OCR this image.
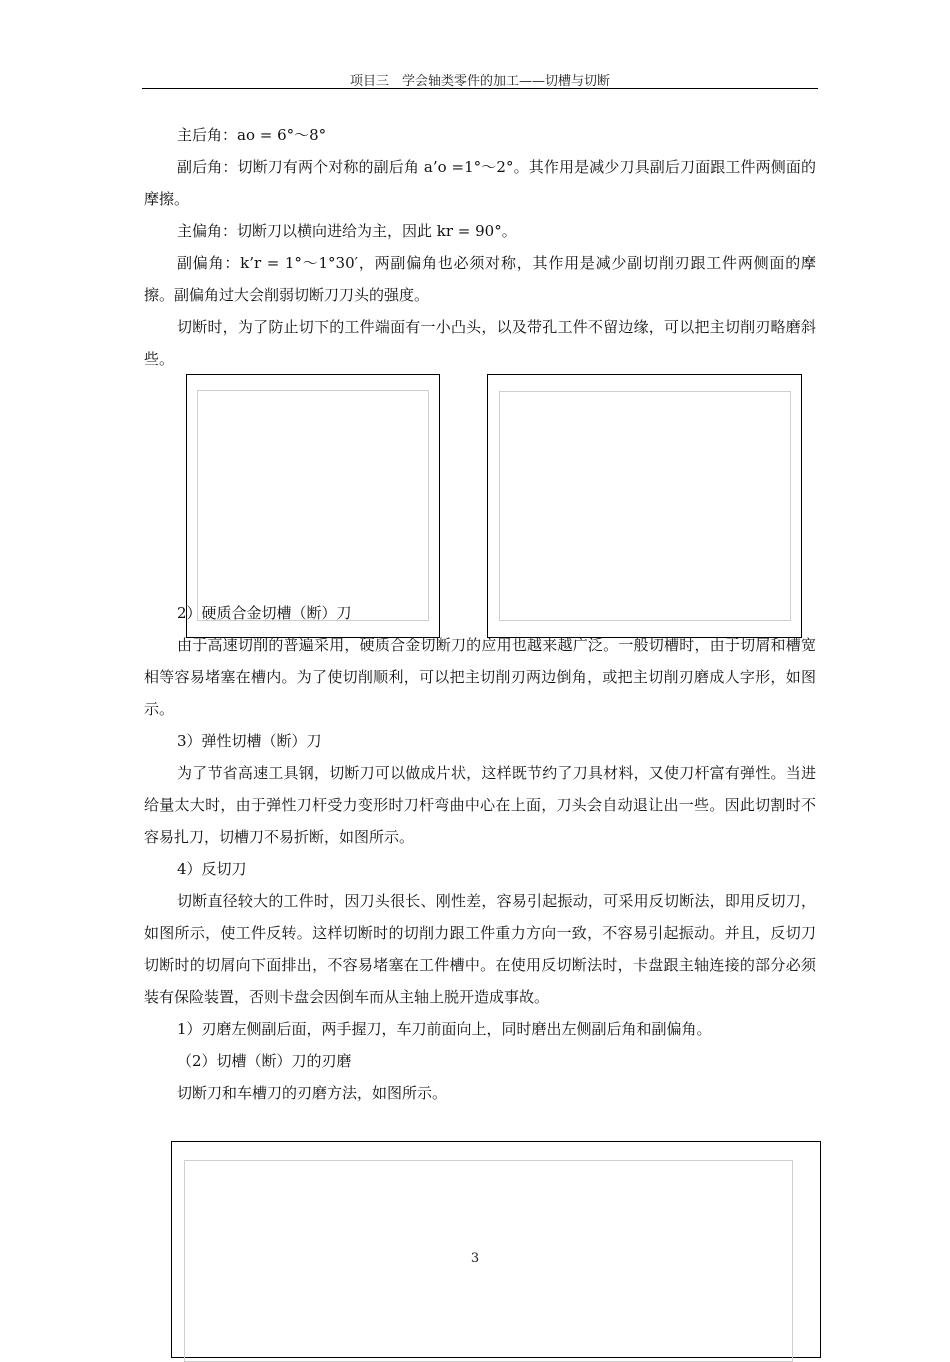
项目三　学会轴类零件的加工——切槽与切断

主后角：ao = 6°～8°

副后角：切断刀有两个对称的副后角 a’o =1°～2°。其作用是减少刀具副后刀面跟工件两侧面的摩擦。

主偏角：切断刀以横向进给为主，因此 kr = 90°。

副偏角：k’r = 1°～1°30′，两副偏角也必须对称，其作用是减少副切削刃跟工件两侧面的摩擦。副偏角过大会削弱切断刀刀头的强度。

切断时，为了防止切下的工件端面有一小凸头，以及带孔工件不留边缘，可以把主切削刃略磨斜些。

2）硬质合金切槽（断）刀

由于高速切削的普遍采用，硬质合金切断刀的应用也越来越广泛。一般切槽时，由于切屑和槽宽相等容易堵塞在槽内。为了使切削顺利，可以把主切削刃两边倒角，或把主切削刃磨成人字形，如图示。

3）弹性切槽（断）刀

为了节省高速工具钢，切断刀可以做成片状，这样既节约了刀具材料，又使刀杆富有弹性。当进给量太大时，由于弹性刀杆受力变形时刀杆弯曲中心在上面，刀头会自动退让出一些。因此切割时不容易扎刀，切槽刀不易折断，如图所示。

4）反切刀

切断直径较大的工件时，因刀头很长、刚性差，容易引起振动，可采用反切断法，即用反切刀，如图所示，使工件反转。这样切断时的切削力跟工件重力方向一致，不容易引起振动。并且，反切刀切断时的切屑向下面排出，不容易堵塞在工件槽中。在使用反切断法时，卡盘跟主轴连接的部分必须装有保险装置，否则卡盘会因倒车而从主轴上脱开造成事故。

1）刃磨左侧副后面，两手握刀，车刀前面向上，同时磨出左侧副后角和副偏角。

（2）切槽（断）刀的刃磨

切断刀和车槽刀的刃磨方法，如图所示。

3
